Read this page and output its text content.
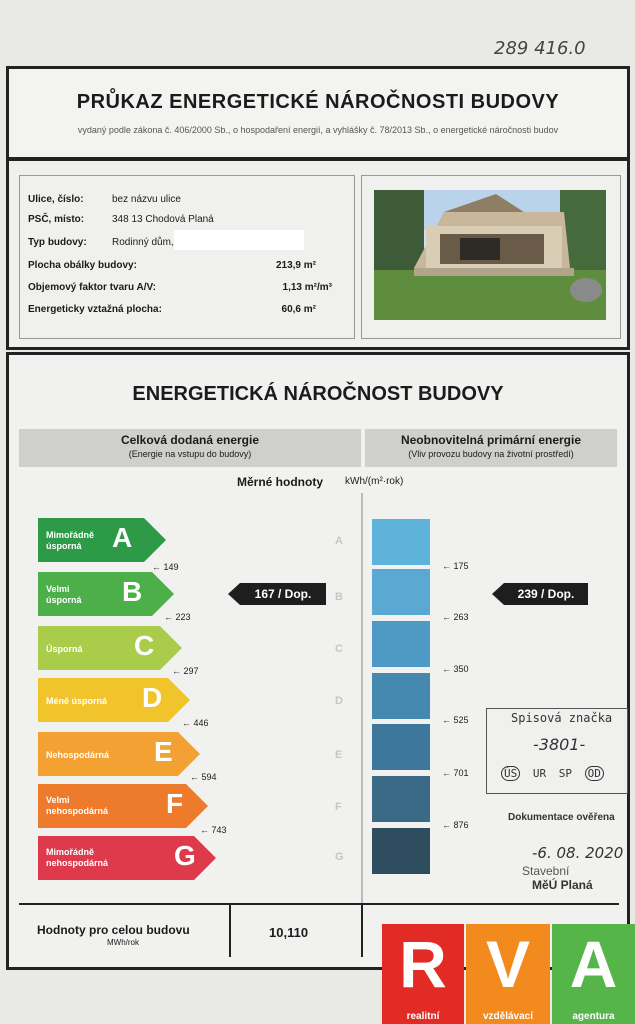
289 416.0
PRŮKAZ ENERGETICKÉ NÁROČNOSTI BUDOVY
vydaný podle zákona č. 406/2000 Sb., o hospodaření energií, a vyhlášky č. 78/2013 Sb., o energetické náročnosti budov
Ulice, číslo:	bez názvu ulice
PSČ, místo:	348 13 Chodová Planá
Typ budovy:	Rodinný dům,
Plocha obálky budovy:	213,9 m²
Objemový faktor tvaru A/V:	1,13 m²/m³
Energeticky vztažná plocha:	60,6 m²
ENERGETICKÁ NÁROČNOST BUDOVY
Celková dodaná energie
(Energie na vstupu do budovy)
Neobnovitelná primární energie
(Vliv provozu budovy na životní prostředí)
Měrné hodnoty kWh/(m²·rok)
A
B
C
D
E
F
G
Hodnoty pro celou budovu
MWh/rok
10,110
Mimořádně úsporná	A
Velmi úsporná	B
Úsporná	C
Méně úsporná	D
Nehospodárná	E
Velmi nehospodárná F
Mimořádně nehospodárná	G
← 149
← 223
← 297
← 446
← 594
← 743
← 175
← 263
← 350
← 525
← 701
← 876
167 / Dop.	239 / Dop.
Spisová značka
-3801-
ÚS UR SP OD
Dokumentace ověřena
-6. 08. 2020
Stavební
MěÚ Planá
R
realitní
V
vzdělávací
A
agentura
